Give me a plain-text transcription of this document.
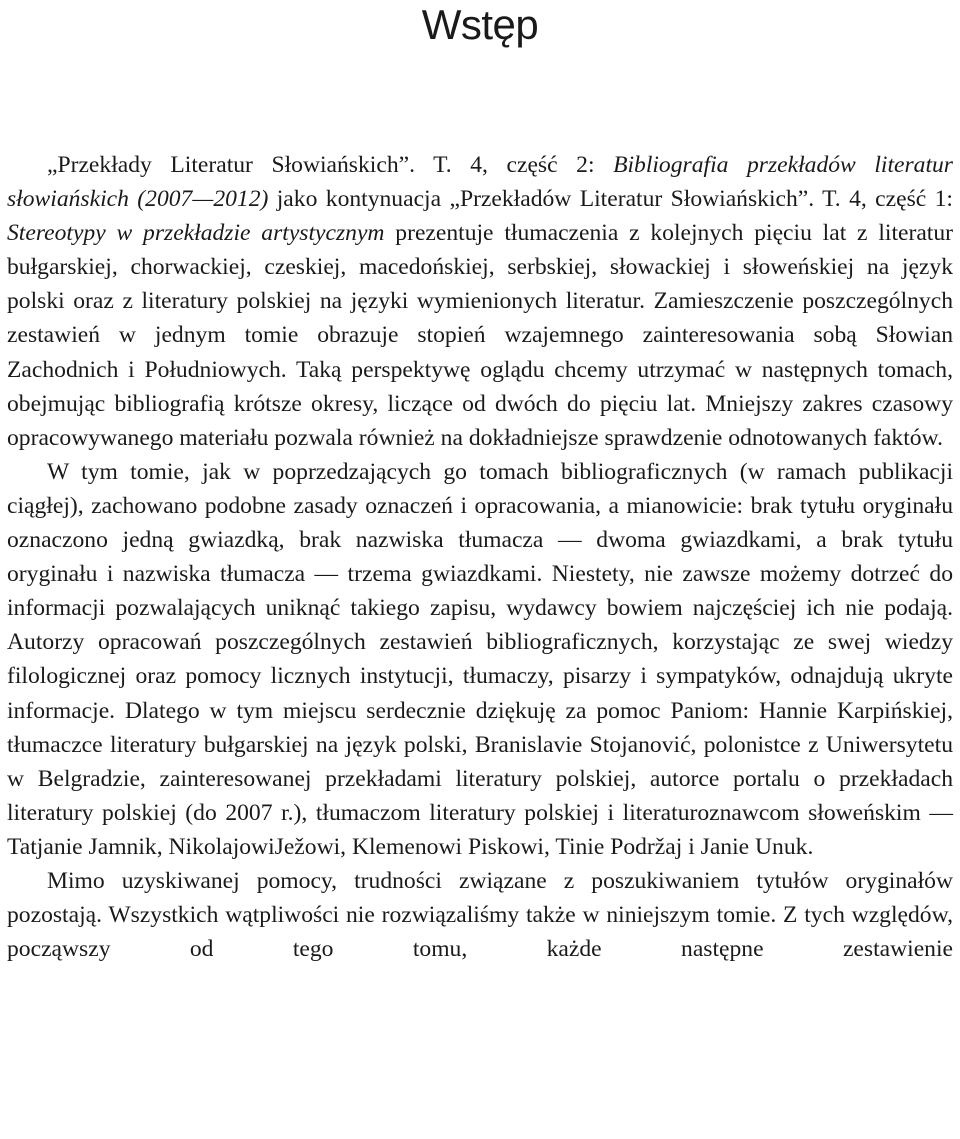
Wstęp

„Przekłady Literatur Słowiańskich”. T. 4, część 2: Bibliografia przekładów literatur słowiańskich (2007—2012) jako kontynuacja „Przekładów Literatur Słowiańskich”. T. 4, część 1: Stereotypy w przekładzie artystycznym prezentuje tłumaczenia z kolejnych pięciu lat z literatur bułgarskiej, chorwackiej, czeskiej, macedońskiej, serbskiej, słowackiej i słoweńskiej na język polski oraz z literatury polskiej na języki wymienionych literatur. Zamieszczenie poszczególnych zestawień w jednym tomie obrazuje stopień wzajemnego zainteresowania sobą Słowian Zachodnich i Południowych. Taką perspektywę oglądu chcemy utrzymać w następnych tomach, obejmując bibliografią krótsze okresy, liczące od dwóch do pięciu lat. Mniejszy zakres czasowy opracowywanego materiału pozwala również na dokładniejsze sprawdzenie odnotowanych faktów.

W tym tomie, jak w poprzedzających go tomach bibliograficznych (w ramach publikacji ciągłej), zachowano podobne zasady oznaczeń i opracowania, a mianowicie: brak tytułu oryginału oznaczono jedną gwiazdką, brak nazwiska tłumacza — dwoma gwiazdkami, a brak tytułu oryginału i nazwiska tłumacza — trzema gwiazdkami. Niestety, nie zawsze możemy dotrzeć do informacji pozwalających uniknąć takiego zapisu, wydawcy bowiem najczęściej ich nie podają. Autorzy opracowań poszczególnych zestawień bibliograficznych, korzystając ze swej wiedzy filologicznej oraz pomocy licznych instytucji, tłumaczy, pisarzy i sympatyków, odnajdują ukryte informacje. Dlatego w tym miejscu serdecznie dziękuję za pomoc Paniom: Hannie Karpińskiej, tłumaczce literatury bułgarskiej na język polski, Branislavie Stojanović, polonistce z Uniwersytetu w Belgradzie, zainteresowanej przekładami literatury polskiej, autorce portalu o przekładach literatury polskiej (do 2007 r.), tłumaczom literatury polskiej i literaturoznawcom słoweńskim — Tatjanie Jamnik, NikolajowiJežowi, Klemenowi Piskowi, Tinie Podržaj i Janie Unuk.

Mimo uzyskiwanej pomocy, trudności związane z poszukiwaniem tytułów oryginałów pozostają. Wszystkich wątpliwości nie rozwiązaliśmy także w niniejszym tomie. Z tych względów, począwszy od tego tomu, każde następne zestawienie
